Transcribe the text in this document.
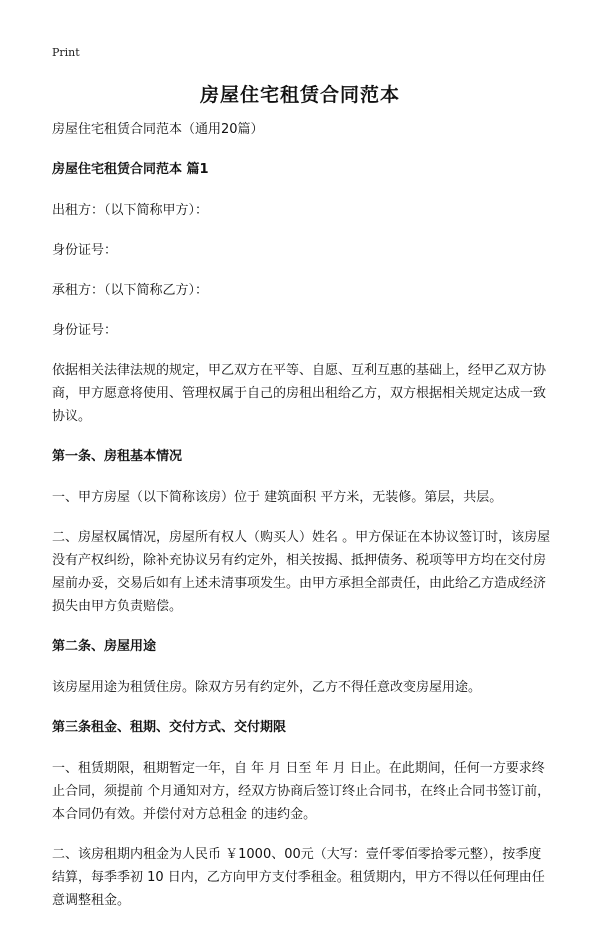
Print
房屋住宅租赁合同范本

房屋住宅租赁合同范本（通用20篇）

房屋住宅租赁合同范本 篇1

出租方：（以下简称甲方）：

身份证号：

承租方：（以下简称乙方）：

身份证号：

依据相关法律法规的规定，甲乙双方在平等、自愿、互利互惠的基础上，经甲乙双方协商，甲方愿意将使用、管理权属于自己的房租出租给乙方，双方根据相关规定达成一致协议。

第一条、房租基本情况

一、甲方房屋（以下简称该房）位于 建筑面积 平方米，无装修。第层，共层。

二、房屋权属情况，房屋所有权人（购买人）姓名 。甲方保证在本协议签订时，该房屋没有产权纠纷，除补充协议另有约定外，相关按揭、抵押债务、税项等甲方均在交付房屋前办妥，交易后如有上述未清事项发生。由甲方承担全部责任，由此给乙方造成经济损失由甲方负责赔偿。

第二条、房屋用途

该房屋用途为租赁住房。除双方另有约定外，乙方不得任意改变房屋用途。

第三条租金、租期、交付方式、交付期限

一、租赁期限，租期暂定一年，自 年 月 日至 年 月 日止。在此期间，任何一方要求终止合同，须提前 个月通知对方，经双方协商后签订终止合同书，在终止合同书签订前，本合同仍有效。并偿付对方总租金 的违约金。

二、该房租期内租金为人民币 ￥1000、00元（大写：壹仟零佰零拾零元整），按季度结算，每季季初 10 日内，乙方向甲方支付季租金。租赁期内，甲方不得以任何理由任意调整租金。
